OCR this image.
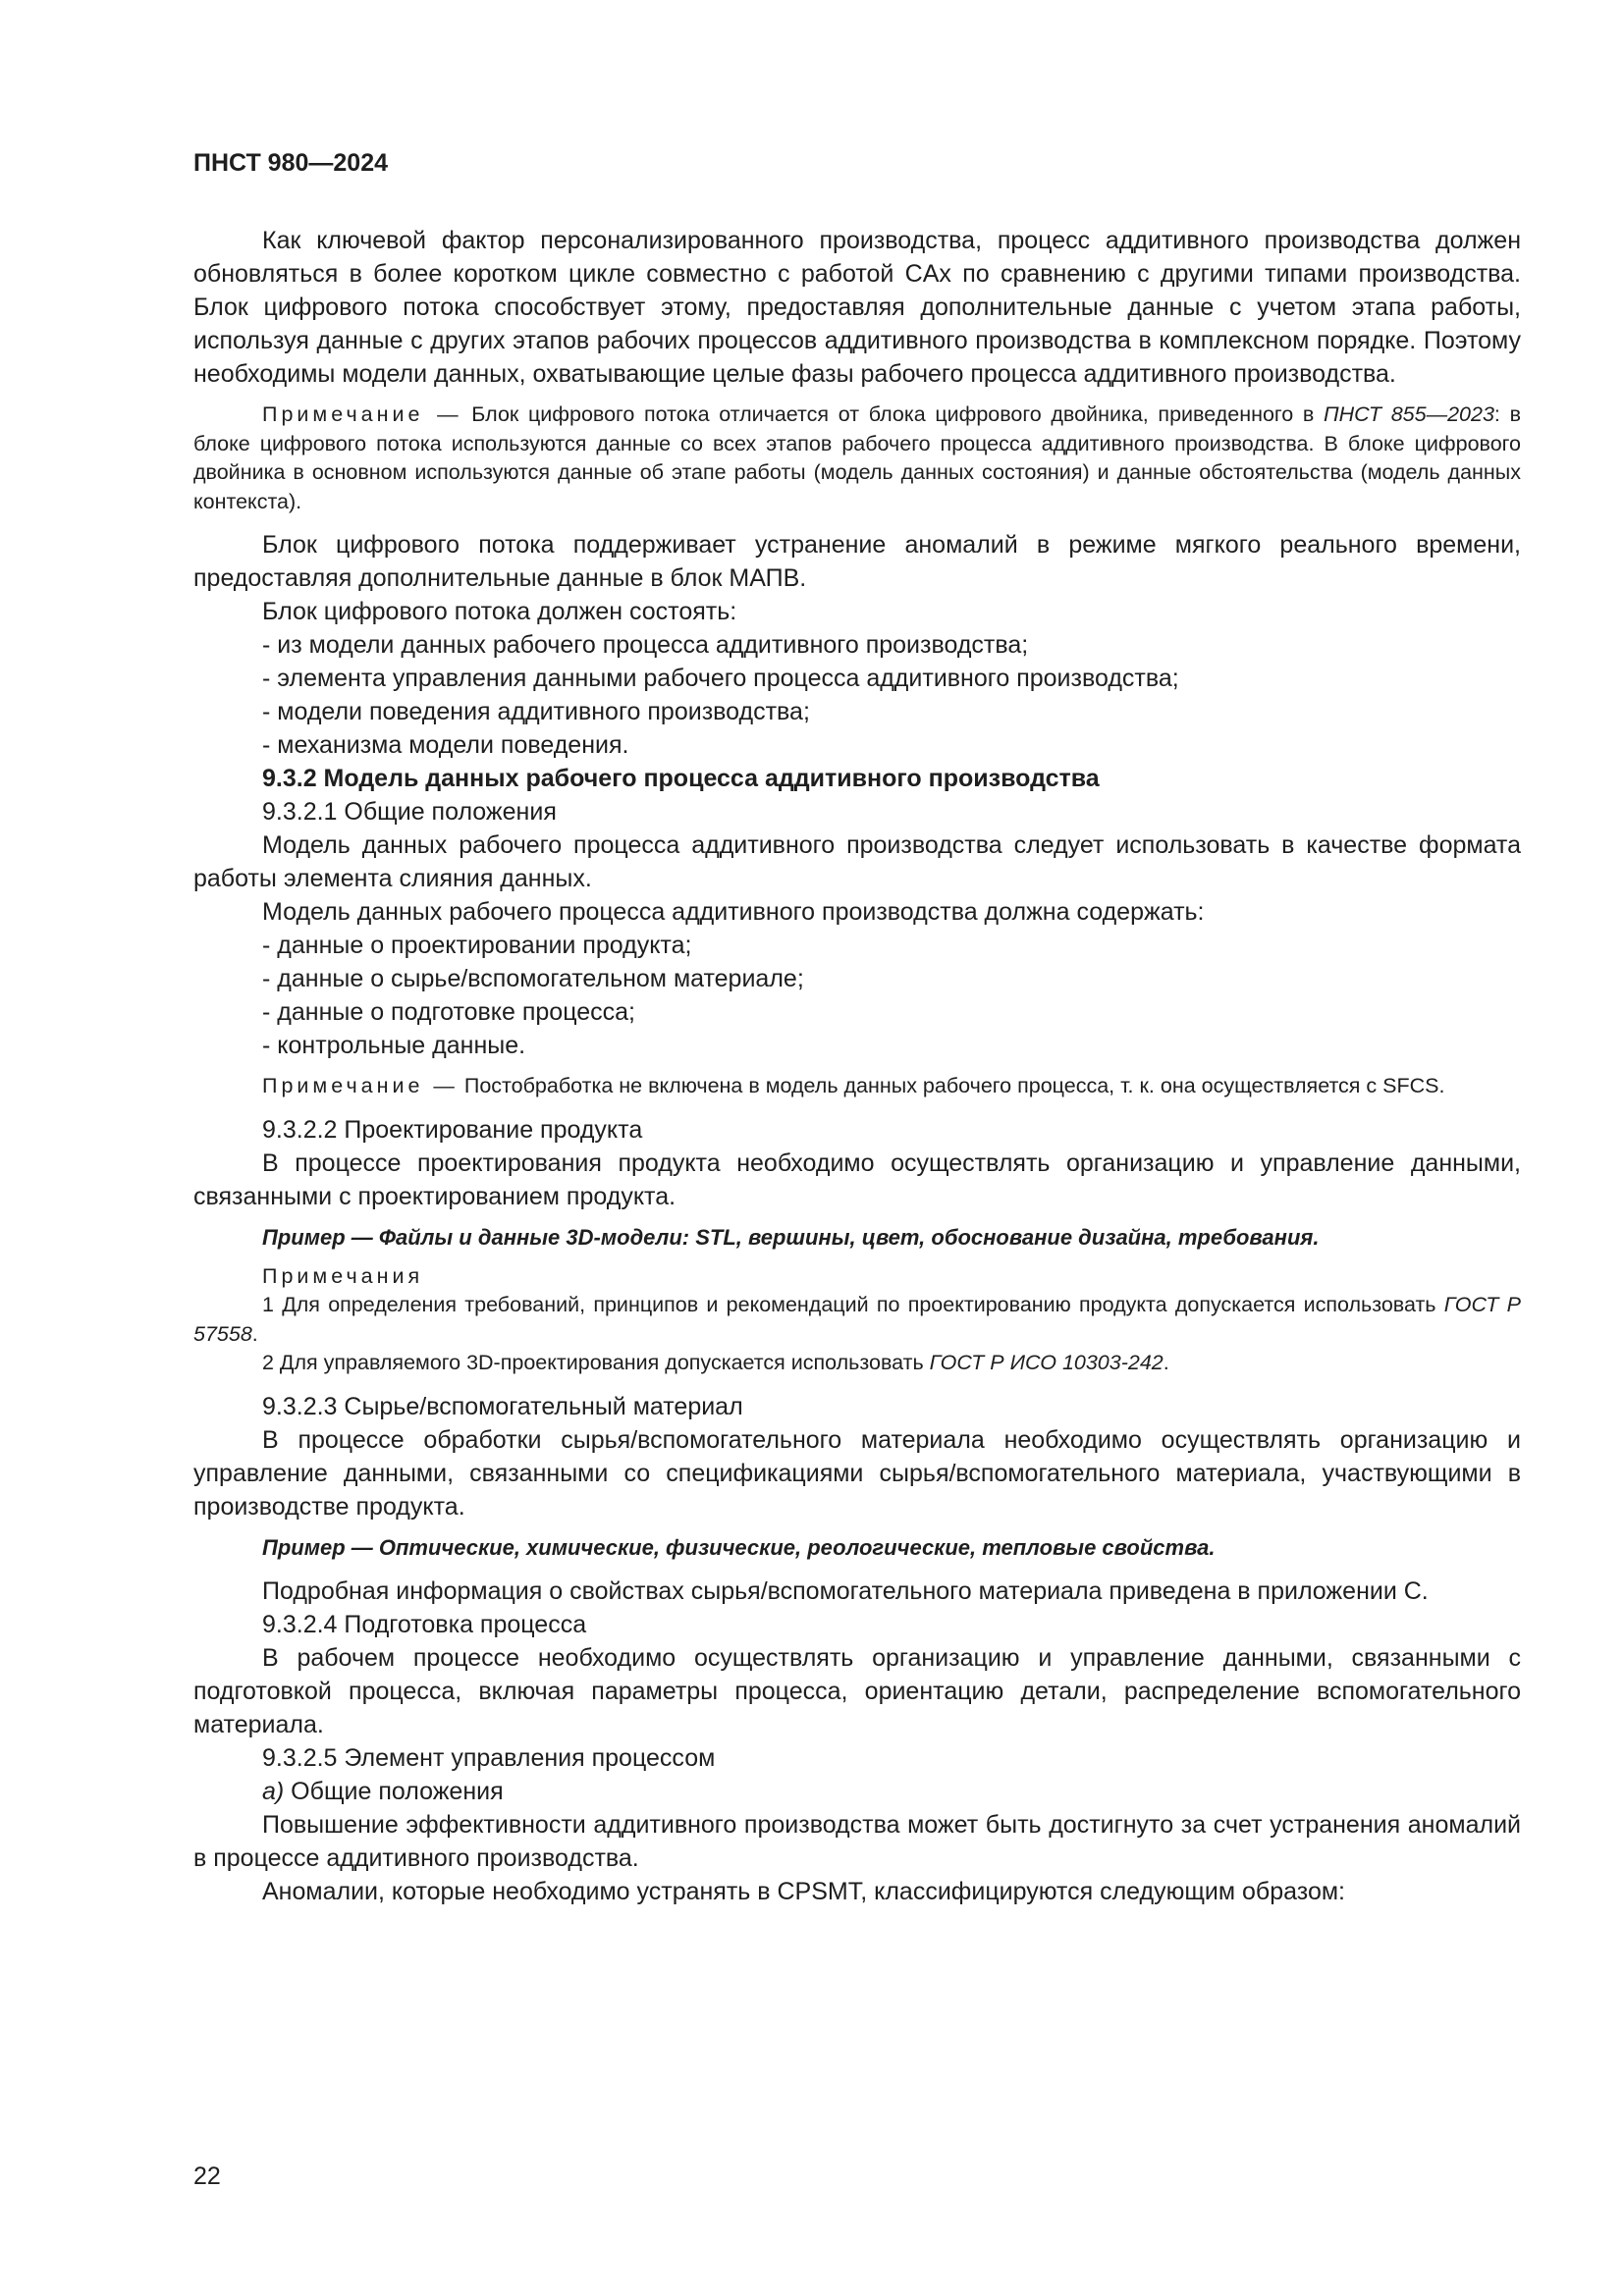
ПНСТ 980—2024

Как ключевой фактор персонализированного производства, процесс аддитивного производства должен обновляться в более коротком цикле совместно с работой CAx по сравнению с другими типами производства. Блок цифрового потока способствует этому, предоставляя дополнительные данные с учетом этапа работы, используя данные с других этапов рабочих процессов аддитивного производства в комплексном порядке. Поэтому необходимы модели данных, охватывающие целые фазы рабочего процесса аддитивного производства.

Примечание — Блок цифрового потока отличается от блока цифрового двойника, приведенного в ПНСТ 855—2023: в блоке цифрового потока используются данные со всех этапов рабочего процесса аддитивного производства. В блоке цифрового двойника в основном используются данные об этапе работы (модель данных состояния) и данные обстоятельства (модель данных контекста).

Блок цифрового потока поддерживает устранение аномалий в режиме мягкого реального времени, предоставляя дополнительные данные в блок МАПВ.

Блок цифрового потока должен состоять:

- из модели данных рабочего процесса аддитивного производства;

- элемента управления данными рабочего процесса аддитивного производства;

- модели поведения аддитивного производства;

- механизма модели поведения.

9.3.2 Модель данных рабочего процесса аддитивного производства

9.3.2.1 Общие положения

Модель данных рабочего процесса аддитивного производства следует использовать в качестве формата работы элемента слияния данных.

Модель данных рабочего процесса аддитивного производства должна содержать:

- данные о проектировании продукта;

- данные о сырье/вспомогательном материале;

- данные о подготовке процесса;

- контрольные данные.

Примечание — Постобработка не включена в модель данных рабочего процесса, т. к. она осуществляется с SFCS.

9.3.2.2 Проектирование продукта

В процессе проектирования продукта необходимо осуществлять организацию и управление данными, связанными с проектированием продукта.

Пример — Файлы и данные 3D-модели: STL, вершины, цвет, обоснование дизайна, требования.

Примечания

1 Для определения требований, принципов и рекомендаций по проектированию продукта допускается использовать ГОСТ Р 57558.

2 Для управляемого 3D-проектирования допускается использовать ГОСТ Р ИСО 10303-242.

9.3.2.3 Сырье/вспомогательный материал

В процессе обработки сырья/вспомогательного материала необходимо осуществлять организацию и управление данными, связанными со спецификациями сырья/вспомогательного материала, участвующими в производстве продукта.

Пример — Оптические, химические, физические, реологические, тепловые свойства.

Подробная информация о свойствах сырья/вспомогательного материала приведена в приложении С.

9.3.2.4 Подготовка процесса

В рабочем процессе необходимо осуществлять организацию и управление данными, связанными с подготовкой процесса, включая параметры процесса, ориентацию детали, распределение вспомогательного материала.

9.3.2.5 Элемент управления процессом

а) Общие положения

Повышение эффективности аддитивного производства может быть достигнуто за счет устранения аномалий в процессе аддитивного производства.

Аномалии, которые необходимо устранять в CPSMT, классифицируются следующим образом:

22
